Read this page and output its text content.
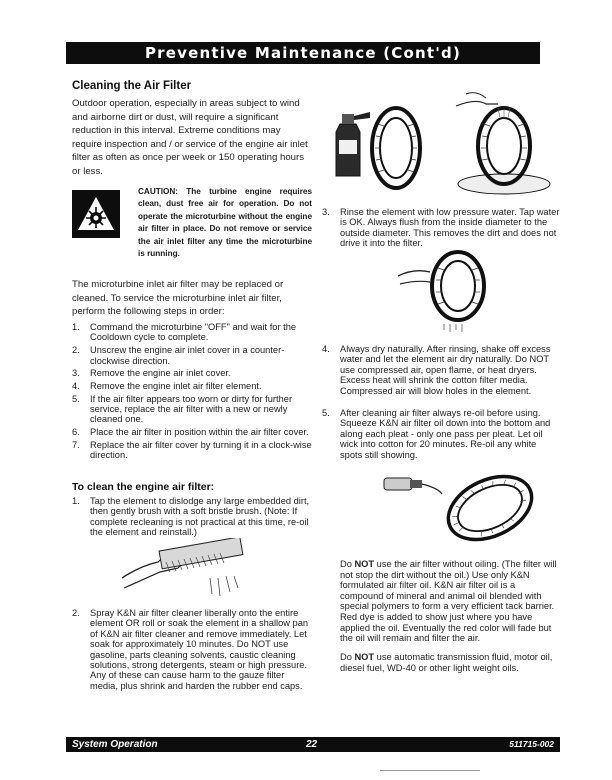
Preventive Maintenance (Cont'd)
Cleaning the Air Filter

Outdoor operation, especially in areas subject to wind and airborne dirt or dust, will require a significant reduction in this interval. Extreme conditions may require inspection and / or service of the engine air inlet filter as often as once per week or 150 operating hours or less.

CAUTION: The turbine engine requires clean, dust free air for operation. Do not operate the microturbine without the engine air filter in place. Do not remove or service the air inlet filter any time the microturbine is running.

The microturbine inlet air filter may be replaced or cleaned. To service the microturbine inlet air filter, perform the following steps in order:

1. Command the microturbine "OFF" and wait for the Cooldown cycle to complete.
2. Unscrew the engine air inlet cover in a counter-clockwise direction.
3. Remove the engine air inlet cover.
4. Remove the engine inlet air filter element.
5. If the air filter appears too worn or dirty for further service, replace the air filter with a new or newly cleaned one.
6. Place the air filter in position within the air filter cover.
7. Replace the air filter cover by turning it in a clock-wise direction.
To clean the engine air filter:
1. Tap the element to dislodge any large embedded dirt, then gently brush with a soft bristle brush. (Note: If complete recleaning is not practical at this time, re-oil the element and reinstall.)
2. Spray K&N air filter cleaner liberally onto the entire element OR roll or soak the element in a shallow pan of K&N air filter cleaner and remove immediately. Let soak for approximately 10 minutes. Do NOT use gasoline, parts cleaning solvents, caustic cleaning solutions, strong detergents, steam or high pressure. Any of these can cause harm to the gauze filter media, plus shrink and harden the rubber end caps.
3. Rinse the element with low pressure water. Tap water is OK. Always flush from the inside diameter to the outside diameter. This removes the dirt and does not drive it into the filter.
4. Always dry naturally. After rinsing, shake off excess water and let the element air dry naturally. Do NOT use compressed air, open flame, or heat dryers. Excess heat will shrink the cotton filter media. Compressed air will blow holes in the element.
5. After cleaning air filter always re-oil before using. Squeeze K&N air filter oil down into the bottom and along each pleat - only one pass per pleat. Let oil wick into cotton for 20 minutes. Re-oil any white spots still showing.

Do NOT use the air filter without oiling. (The filter will not stop the dirt without the oil.) Use only K&N formulated air filter oil. K&N air filter oil is a compound of mineral and animal oil blended with special polymers to form a very efficient tack barrier. Red dye is added to show just where you have applied the oil. Eventually the red color will fade but the oil will remain and filter the air.

Do NOT use automatic transmission fluid, motor oil, diesel fuel, WD-40 or other light weight oils.

System Operation	22	511715-002
